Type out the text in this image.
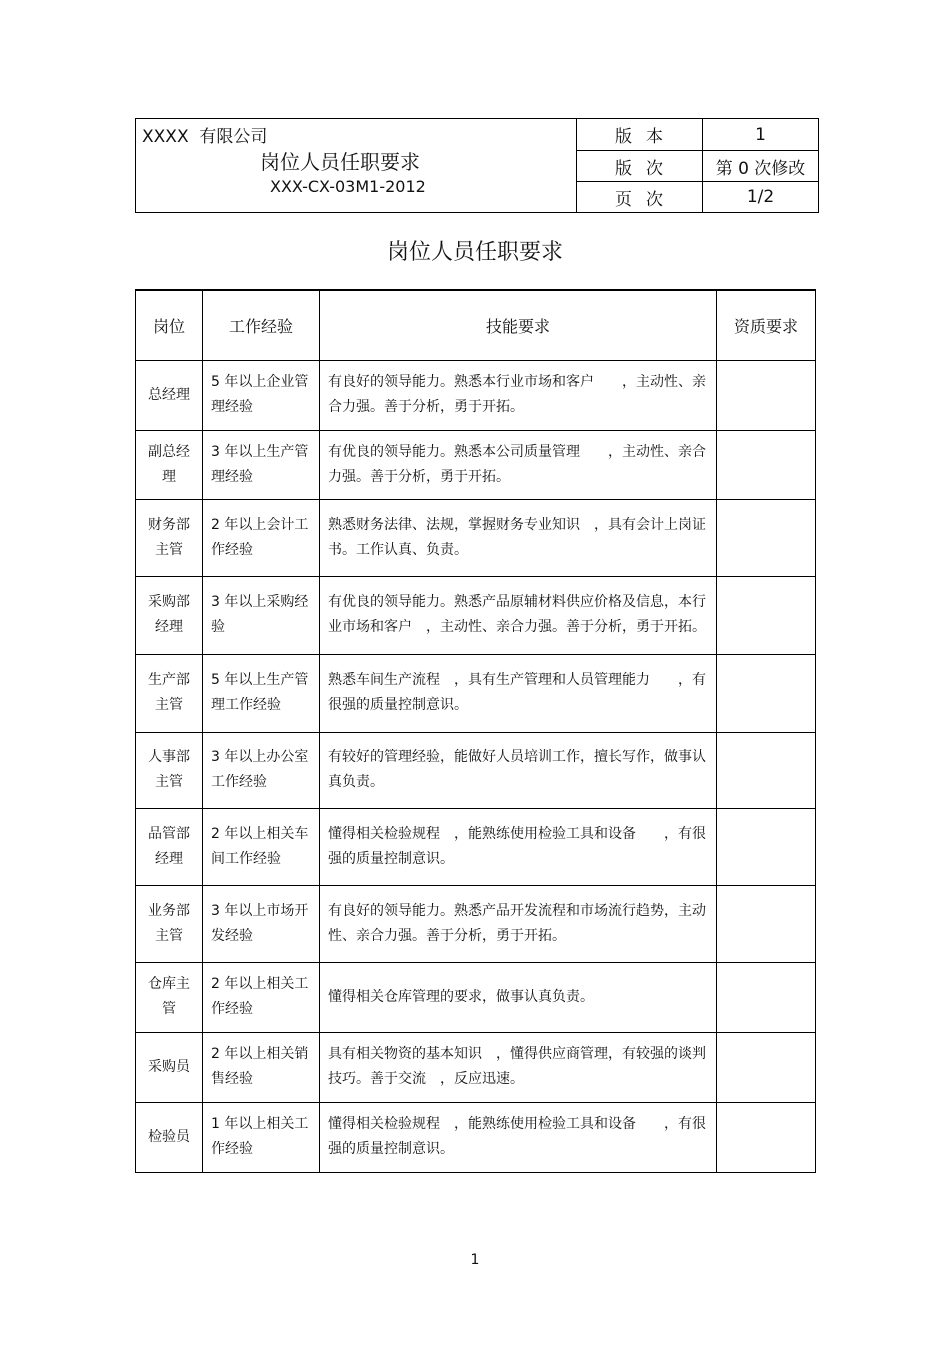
XXXX  有限公司
岗位人员任职要求
XXX-CX-03M1-2012
版本	1
版次	第 0 次修改
页次	1/2
岗位人员任职要求
岗位	工作经验	技能要求	资质要求
总经理	5 年以上企业管理经验	有良好的领导能力。熟悉本行业市场和客户　　，主动性、亲合力强。善于分析，勇于开拓。	
副总经理	3 年以上生产管理经验	有优良的领导能力。熟悉本公司质量管理　　，主动性、亲合力强。善于分析，勇于开拓。	
财务部主管	2 年以上会计工作经验	熟悉财务法律、法规，掌握财务专业知识　，具有会计上岗证书。工作认真、负责。	
采购部经理	3 年以上采购经验	有优良的领导能力。熟悉产品原辅材料供应价格及信息，本行业市场和客户　，主动性、亲合力强。善于分析，勇于开拓。	
生产部主管	5 年以上生产管理工作经验	熟悉车间生产流程　，具有生产管理和人员管理能力　　，有很强的质量控制意识。	
人事部主管	3 年以上办公室工作经验	有较好的管理经验，能做好人员培训工作，擅长写作，做事认真负责。	
品管部经理	2 年以上相关车间工作经验	懂得相关检验规程　，能熟练使用检验工具和设备　　，有很强的质量控制意识。	
业务部主管	3 年以上市场开发经验	有良好的领导能力。熟悉产品开发流程和市场流行趋势，主动性、亲合力强。善于分析，勇于开拓。	
仓库主管	2 年以上相关工作经验	懂得相关仓库管理的要求，做事认真负责。	
采购员	2 年以上相关销售经验	具有相关物资的基本知识　，懂得供应商管理，有较强的谈判技巧。善于交流　，反应迅速。	
检验员	1 年以上相关工作经验	懂得相关检验规程　，能熟练使用检验工具和设备　　，有很强的质量控制意识。	
1
